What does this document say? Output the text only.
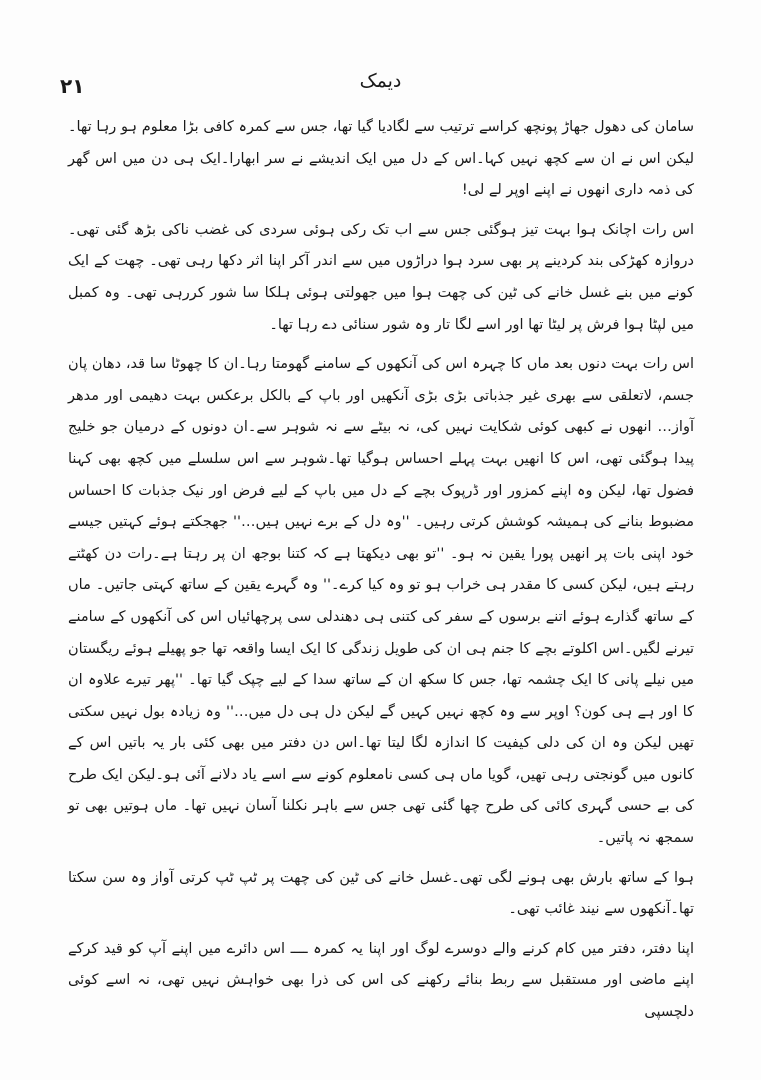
۲۱	دیمک

سامان کی دھول جھاڑ پونچھ کراسے ترتیب سے لگادیا گیا تھا، جس سے کمرہ کافی بڑا معلوم ہو رہا تھا۔لیکن اس نے ان سے کچھ نہیں کہا۔اس کے دل میں ایک اندیشے نے سر ابھارا۔ایک ہی دن میں اس گھر کی ذمہ داری انھوں نے اپنے اوپر لے لی!

اس رات اچانک ہوا بہت تیز ہوگئی جس سے اب تک رکی ہوئی سردی کی غضب ناکی بڑھ گئی تھی۔ دروازہ کھڑکی بند کردینے پر بھی سرد ہوا دراڑوں میں سے اندر آکر اپنا اثر دکھا رہی تھی۔ چھت کے ایک کونے میں بنے غسل خانے کی ٹین کی چھت ہوا میں جھولتی ہوئی ہلکا سا شور کررہی تھی۔ وہ کمبل میں لپٹا ہوا فرش پر لیٹا تھا اور اسے لگا تار وہ شور سنائی دے رہا تھا۔

اس رات بہت دنوں بعد ماں کا چہرہ اس کی آنکھوں کے سامنے گھومتا رہا۔ان کا چھوٹا سا قد، دھان پان جسم، لاتعلقی سے بھری غیر جذباتی بڑی بڑی آنکھیں اور باپ کے بالکل برعکس بہت دھیمی اور مدھر آواز… انھوں نے کبھی کوئی شکایت نہیں کی، نہ بیٹے سے نہ شوہر سے۔ان دونوں کے درمیان جو خلیج پیدا ہوگئی تھی، اس کا انھیں بہت پہلے احساس ہوگیا تھا۔شوہر سے اس سلسلے میں کچھ بھی کہنا فضول تھا، لیکن وہ اپنے کمزور اور ڈرپوک بچے کے دل میں باپ کے لیے فرض اور نیک جذبات کا احساس مضبوط بنانے کی ہمیشہ کوشش کرتی رہیں۔ ''وہ دل کے برے نہیں ہیں…'' جھجکتے ہوئے کہتیں جیسے خود اپنی بات پر انھیں پورا یقین نہ ہو۔ ''تو بھی دیکھتا ہے کہ کتنا بوجھ ان پر رہتا ہے۔رات دن کھٹتے رہتے ہیں، لیکن کسی کا مقدر ہی خراب ہو تو وہ کیا کرے۔'' وہ گہرے یقین کے ساتھ کہتی جاتیں۔ ماں کے ساتھ گذارے ہوئے اتنے برسوں کے سفر کی کتنی ہی دھندلی سی پرچھائیاں اس کی آنکھوں کے سامنے تیرنے لگیں۔اس اکلوتے بچے کا جنم ہی ان کی طویل زندگی کا ایک ایسا واقعہ تھا جو پھیلے ہوئے ریگستان میں نیلے پانی کا ایک چشمہ تھا، جس کا سکھ ان کے ساتھ سدا کے لیے چپک گیا تھا۔ ''پھر تیرے علاوہ ان کا اور ہے ہی کون؟ اوپر سے وہ کچھ نہیں کہیں گے لیکن دل ہی دل میں…'' وہ زیادہ بول نہیں سکتی تھیں لیکن وہ ان کی دلی کیفیت کا اندازہ لگا لیتا تھا۔اس دن دفتر میں بھی کئی بار یہ باتیں اس کے کانوں میں گونجتی رہی تھیں، گویا ماں ہی کسی نامعلوم کونے سے اسے یاد دلانے آئی ہو۔لیکن ایک طرح کی بے حسی گہری کائی کی طرح چھا گئی تھی جس سے باہر نکلنا آسان نہیں تھا۔ ماں ہوتیں بھی تو سمجھ نہ پاتیں۔

ہوا کے ساتھ بارش بھی ہونے لگی تھی۔غسل خانے کی ٹین کی چھت پر ٹپ ٹپ کرتی آواز وہ سن سکتا تھا۔آنکھوں سے نیند غائب تھی۔

اپنا دفتر، دفتر میں کام کرنے والے دوسرے لوگ اور اپنا یہ کمرہ ــــ اس دائرے میں اپنے آپ کو قید کرکے اپنے ماضی اور مستقبل سے ربط بنائے رکھنے کی اس کی ذرا بھی خواہش نہیں تھی، نہ اسے کوئی دلچسپی
